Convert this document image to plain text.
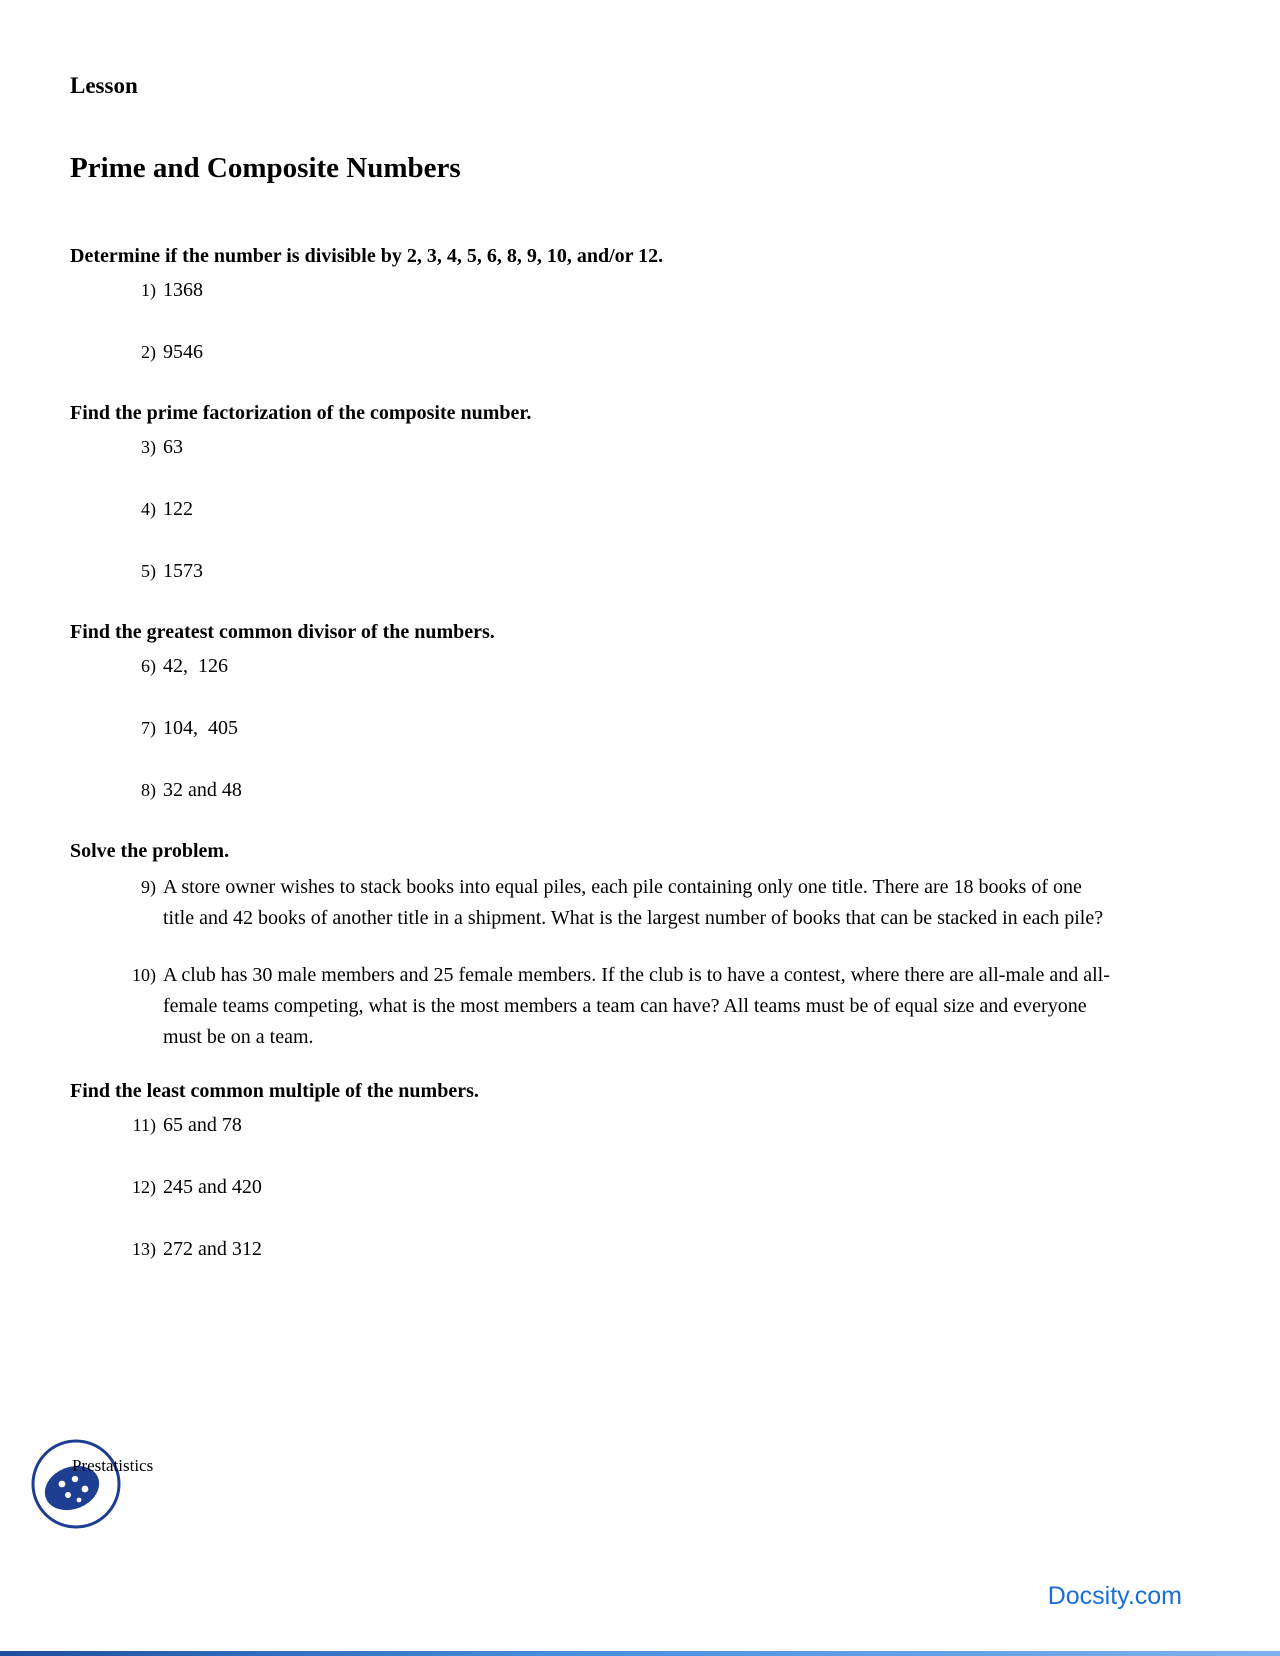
Lesson
Prime and Composite Numbers
Determine if the number is divisible by 2, 3, 4, 5, 6, 8, 9, 10, and/or 12.
1) 1368
2) 9546
Find the prime factorization of the composite number.
3) 63
4) 122
5) 1573
Find the greatest common divisor of the numbers.
6) 42,  126
7) 104,  405
8) 32 and 48
Solve the problem.
9) A store owner wishes to stack books into equal piles, each pile containing only one title. There are 18 books of one title and 42 books of another title in a shipment. What is the largest number of books that can be stacked in each pile?
10) A club has 30 male members and 25 female members. If the club is to have a contest, where there are all-male and all-female teams competing, what is the most members a team can have? All teams must be of equal size and everyone must be on a team.
Find the least common multiple of the numbers.
11) 65 and 78
12) 245 and 420
13) 272 and 312
Prestatistics
Docsity.com
